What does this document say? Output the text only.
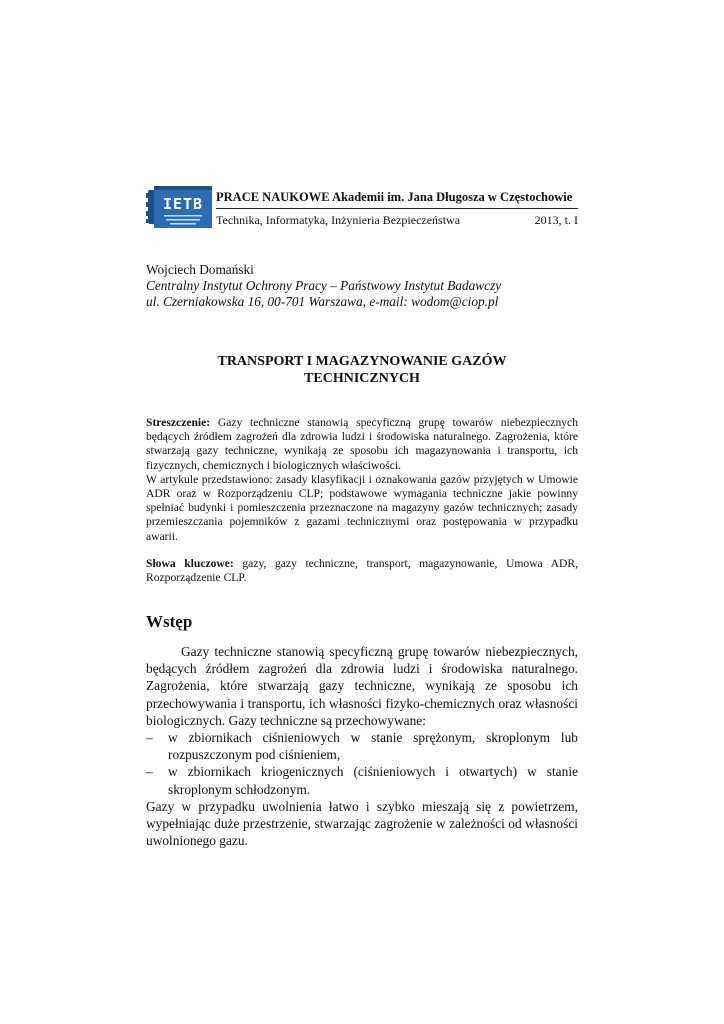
IETB PRACE NAUKOWE Akademii im. Jana Długosza w Częstochowie
Technika, Informatyka, Inżynieria Bezpieczeństwa	2013, t. I
Wojciech Domański
Centralny Instytut Ochrony Pracy – Państwowy Instytut Badawczy
ul. Czerniakowska 16, 00-701 Warszawa, e-mail: wodom@ciop.pl
TRANSPORT I MAGAZYNOWANIE GAZÓW
TECHNICZNYCH

Streszczenie: Gazy techniczne stanowią specyficzną grupę towarów niebezpiecznych będących źródłem zagrożeń dla zdrowia ludzi i środowiska naturalnego. Zagrożenia, które stwarzają gazy techniczne, wynikają ze sposobu ich magazynowania i transportu, ich fizycznych, chemicznych i biologicznych właściwości.

W artykule przedstawiono: zasady klasyfikacji i oznakowania gazów przyjętych w Umowie ADR oraz w Rozporządzeniu CLP; podstawowe wymagania techniczne jakie powinny spełniać budynki i pomieszczenia przeznaczone na magazyny gazów technicznych; zasady przemieszczania pojemników z gazami technicznymi oraz postępowania w przypadku awarii.

Słowa kluczowe: gazy, gazy techniczne, transport, magazynowanie, Umowa ADR, Rozporządzenie CLP.

Wstęp

Gazy techniczne stanowią specyficzną grupę towarów niebezpiecznych, będących źródłem zagrożeń dla zdrowia ludzi i środowiska naturalnego. Zagrożenia, które stwarzają gazy techniczne, wynikają ze sposobu ich przechowywania i transportu, ich własności fizyko-chemicznych oraz własności biologicznych. Gazy techniczne są przechowywane:

– w zbiornikach ciśnieniowych w stanie sprężonym, skroplonym lub rozpuszczonym pod ciśnieniem,
– w zbiornikach kriogenicznych (ciśnieniowych i otwartych) w stanie skroplonym schłodzonym.

Gazy w przypadku uwolnienia łatwo i szybko mieszają się z powietrzem, wypełniając duże przestrzenie, stwarzając zagrożenie w zależności od własności uwolnionego gazu.
